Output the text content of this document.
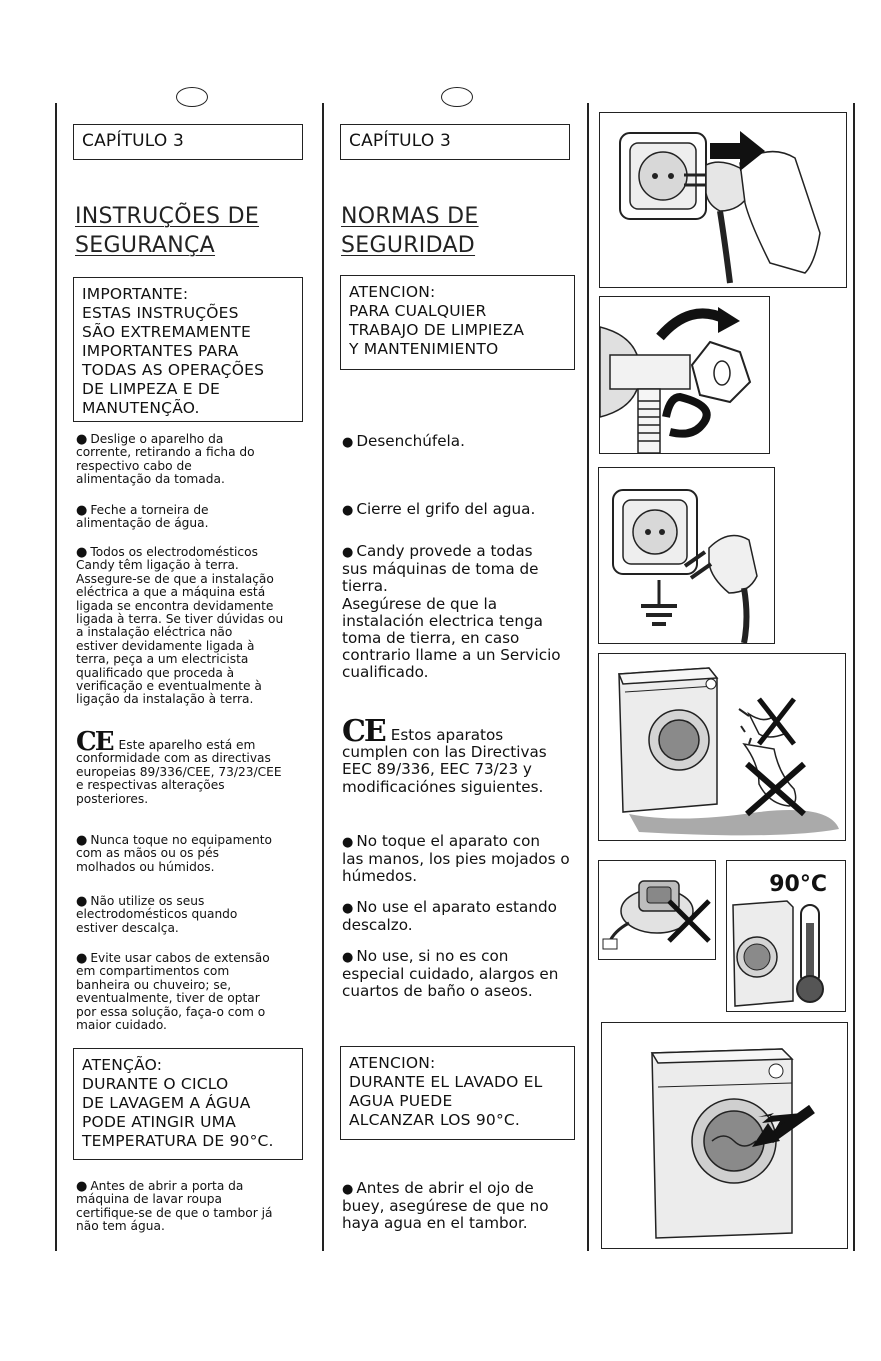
CAPÍTULO 3
INSTRUÇÕES DE
SEGURANÇA
IMPORTANTE:
ESTAS INSTRUÇÕES
SÃO EXTREMAMENTE
IMPORTANTES PARA
TODAS AS OPERAÇÕES
DE LIMPEZA E DE
MANUTENÇÃO.
● Deslige o aparelho da
corrente, retirando a ficha do
respectivo cabo de
alimentação da tomada.
● Feche a torneira de
alimentação de água.
● Todos os electrodomésticos
Candy têm ligação à terra.
Assegure-se de que a instalação
eléctrica a que a máquina está
ligada se encontra devidamente
ligada à terra. Se tiver dúvidas ou
a instalação eléctrica não
estiver devidamente ligada à
terra, peça a um electricista
qualificado que proceda à
verificação e eventualmente à
ligação da instalação à terra.
CE Este aparelho está em
conformidade com as directivas
europeias 89/336/CEE, 73/23/CEE
e respectivas alterações
posteriores.
● Nunca toque no equipamento
com as mãos ou os pés
molhados ou húmidos.
● Não utilize os seus
electrodomésticos quando
estiver descalça.
● Evite usar cabos de extensão
em compartimentos com
banheira ou chuveiro; se,
eventualmente, tiver de optar
por essa solução, faça-o com o
maior cuidado.
ATENÇÃO:
DURANTE O CICLO
DE LAVAGEM A ÁGUA
PODE ATINGIR UMA
TEMPERATURA DE 90°C.
● Antes de abrir a porta da
máquina de lavar roupa
certifique-se de que o tambor já
não tem água.
CAPÍTULO 3
NORMAS DE
SEGURIDAD
ATENCION:
PARA CUALQUIER
TRABAJO DE LIMPIEZA
Y MANTENIMIENTO
● Desenchúfela.
● Cierre el grifo del agua.
● Candy provede a todas
sus máquinas de toma de
tierra.
Asegúrese de que la
instalación electrica tenga
toma de tierra, en caso
contrario llame a un Servicio
cualificado.
CE Estos aparatos
cumplen con las Directivas
EEC 89/336, EEC 73/23 y
modificaciónes siguientes.
● No toque el aparato con
las manos, los pies mojados o
húmedos.
● No use el aparato estando
descalzo.
● No use, si no es con
especial cuidado, alargos en
cuartos de baño o aseos.
ATENCION:
DURANTE EL LAVADO EL
AGUA PUEDE
ALCANZAR LOS 90°C.
● Antes de abrir el ojo de
buey, asegúrese de que no
haya agua en el tambor.
90°C
